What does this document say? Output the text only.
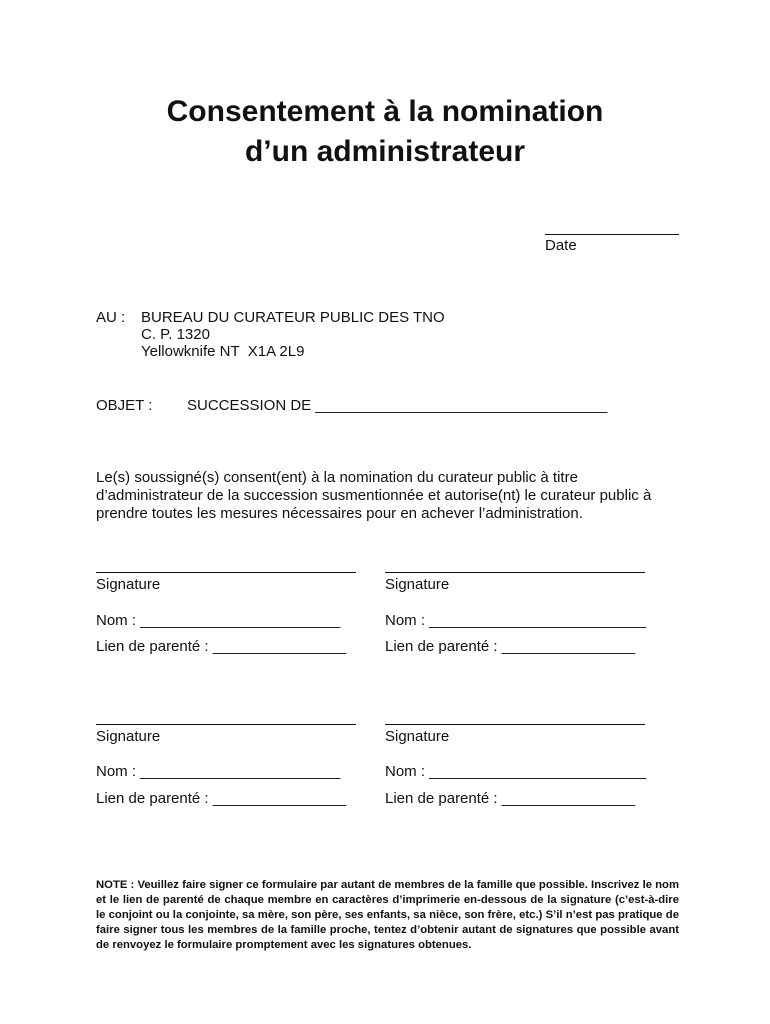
Consentement à la nomination
d’un administrateur
Date
AU : BUREAU DU CURATEUR PUBLIC DES TNO
C. P. 1320
Yellowknife NT  X1A 2L9
OBJET : SUCCESSION DE ___________________________________
Le(s) soussigné(s) consent(ent) à la nomination du curateur public à titre
d’administrateur de la succession susmentionnée et autorise(nt) le curateur public à
prendre toutes les mesures nécessaires pour en achever l’administration.
Signature
Nom : ________________________
Lien de parenté : ________________
Signature
Nom : __________________________
Lien de parenté : ________________
Signature
Nom : ________________________
Lien de parenté : ________________
Signature
Nom : __________________________
Lien de parenté : ________________
NOTE : Veuillez faire signer ce formulaire par autant de membres de la famille que possible. Inscrivez le nom et le lien de parenté de chaque membre en caractères d’imprimerie en-dessous de la signature (c’est-à-dire le conjoint ou la conjointe, sa mère, son père, ses enfants, sa nièce, son frère, etc.) S’il n’est pas pratique de faire signer tous les membres de la famille proche, tentez d’obtenir autant de signatures que possible avant de renvoyez le formulaire promptement avec les signatures obtenues.
